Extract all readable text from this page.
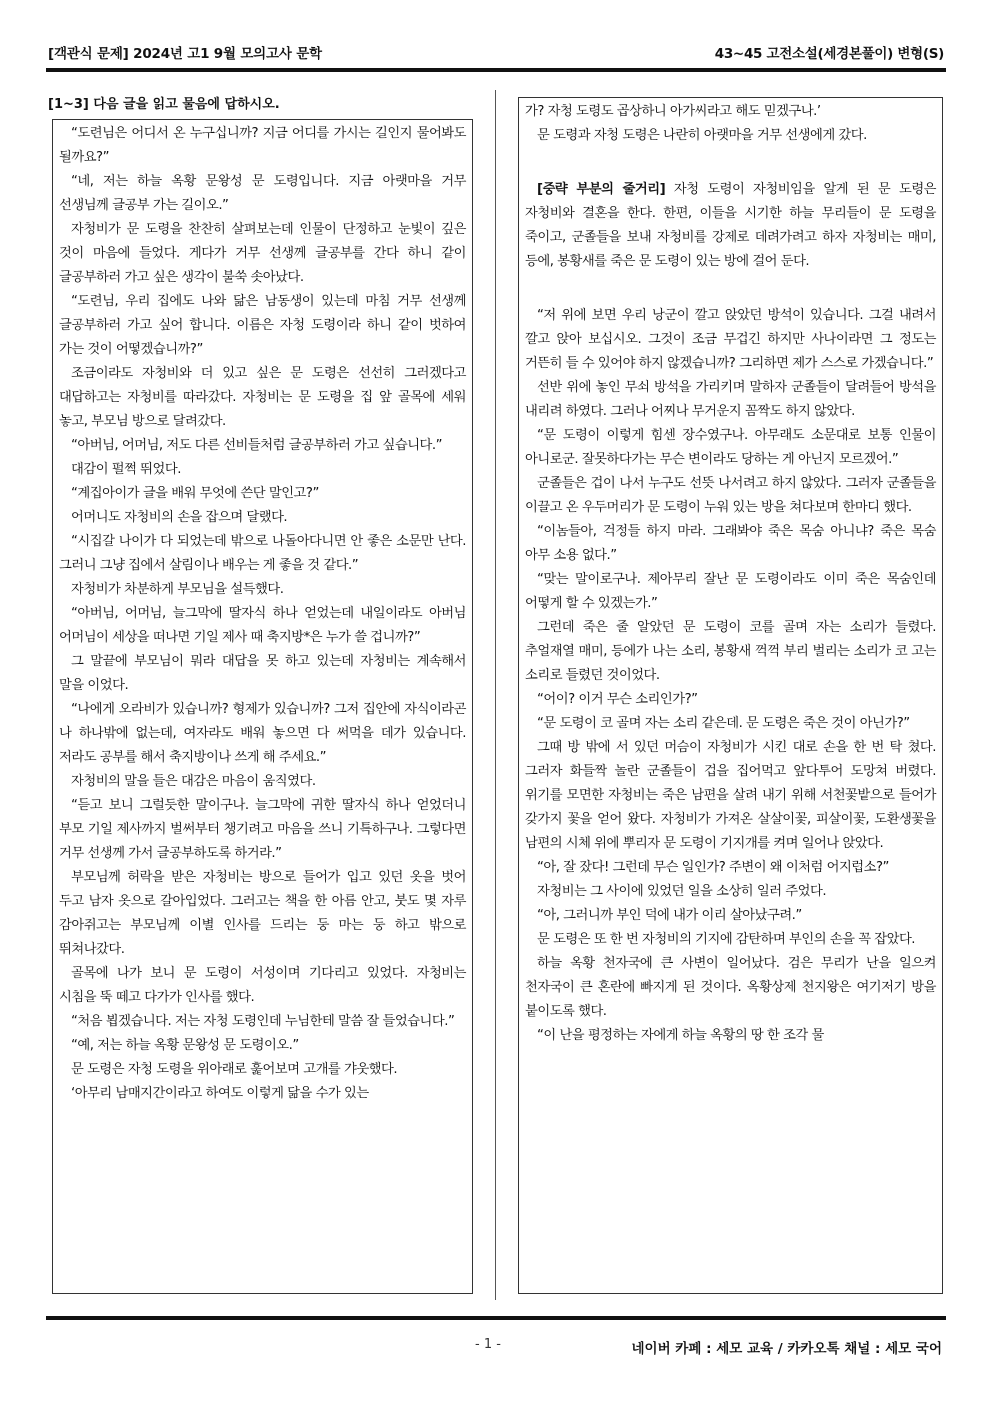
[객관식 문제] 2024년 고1 9월 모의고사 문학	43~45 고전소설(세경본풀이) 변형(S)
[1~3] 다음 글을 읽고 물음에 답하시오.

“도련님은 어디서 온 누구십니까? 지금 어디를 가시는 길인지 물어봐도 될까요?”

“네, 저는 하늘 옥황 문왕성 문 도령입니다. 지금 아랫마을 거무 선생님께 글공부 가는 길이오.”

자청비가 문 도령을 찬찬히 살펴보는데 인물이 단정하고 눈빛이 깊은 것이 마음에 들었다. 게다가 거무 선생께 글공부를 간다 하니 같이 글공부하러 가고 싶은 생각이 불쑥 솟아났다.

“도련님, 우리 집에도 나와 닮은 남동생이 있는데 마침 거무 선생께 글공부하러 가고 싶어 합니다. 이름은 자청 도령이라 하니 같이 벗하여 가는 것이 어떻겠습니까?”

조금이라도 자청비와 더 있고 싶은 문 도령은 선선히 그러겠다고 대답하고는 자청비를 따라갔다. 자청비는 문 도령을 집 앞 골목에 세워 놓고, 부모님 방으로 달려갔다.

“아버님, 어머님, 저도 다른 선비들처럼 글공부하러 가고 싶습니다.”

대감이 펄쩍 뛰었다.

“계집아이가 글을 배워 무엇에 쓴단 말인고?”

어머니도 자청비의 손을 잡으며 달랬다.

“시집갈 나이가 다 되었는데 밖으로 나돌아다니면 안 좋은 소문만 난다. 그러니 그냥 집에서 살림이나 배우는 게 좋을 것 같다.”

자청비가 차분하게 부모님을 설득했다.

“아버님, 어머님, 늘그막에 딸자식 하나 얻었는데 내일이라도 아버님 어머님이 세상을 떠나면 기일 제사 때 축지방*은 누가 쓸 겁니까?”

그 말끝에 부모님이 뭐라 대답을 못 하고 있는데 자청비는 계속해서 말을 이었다.

“나에게 오라비가 있습니까? 형제가 있습니까? 그저 집안에 자식이라곤 나 하나밖에 없는데, 여자라도 배워 놓으면 다 써먹을 데가 있습니다. 저라도 공부를 해서 축지방이나 쓰게 해 주세요.”

자청비의 말을 들은 대감은 마음이 움직였다.

“듣고 보니 그럴듯한 말이구나. 늘그막에 귀한 딸자식 하나 얻었더니 부모 기일 제사까지 벌써부터 챙기려고 마음을 쓰니 기특하구나. 그렇다면 거무 선생께 가서 글공부하도록 하거라.”

부모님께 허락을 받은 자청비는 방으로 들어가 입고 있던 옷을 벗어 두고 남자 옷으로 갈아입었다. 그러고는 책을 한 아름 안고, 붓도 몇 자루 감아쥐고는 부모님께 이별 인사를 드리는 둥 마는 둥 하고 밖으로 뛰쳐나갔다.

골목에 나가 보니 문 도령이 서성이며 기다리고 있었다. 자청비는 시침을 뚝 떼고 다가가 인사를 했다.

“처음 뵙겠습니다. 저는 자청 도령인데 누님한테 말씀 잘 들었습니다.”

“예, 저는 하늘 옥황 문왕성 문 도령이오.”

문 도령은 자청 도령을 위아래로 훑어보며 고개를 갸웃했다.

‘아무리 남매지간이라고 하여도 이렇게 닮을 수가 있는

가? 자청 도령도 곱상하니 아가씨라고 해도 믿겠구나.’

문 도령과 자청 도령은 나란히 아랫마을 거무 선생에게 갔다.

[중략 부분의 줄거리] 자청 도령이 자청비임을 알게 된 문 도령은 자청비와 결혼을 한다. 한편, 이들을 시기한 하늘 무리들이 문 도령을 죽이고, 군졸들을 보내 자청비를 강제로 데려가려고 하자 자청비는 매미, 등에, 봉황새를 죽은 문 도령이 있는 방에 걸어 둔다.

“저 위에 보면 우리 낭군이 깔고 앉았던 방석이 있습니다. 그걸 내려서 깔고 앉아 보십시오. 그것이 조금 무겁긴 하지만 사나이라면 그 정도는 거뜬히 들 수 있어야 하지 않겠습니까? 그리하면 제가 스스로 가겠습니다.”

선반 위에 놓인 무쇠 방석을 가리키며 말하자 군졸들이 달려들어 방석을 내리려 하였다. 그러나 어찌나 무거운지 꼼짝도 하지 않았다.

“문 도령이 이렇게 힘센 장수였구나. 아무래도 소문대로 보통 인물이 아니로군. 잘못하다가는 무슨 변이라도 당하는 게 아닌지 모르겠어.”

군졸들은 겁이 나서 누구도 선뜻 나서려고 하지 않았다. 그러자 군졸들을 이끌고 온 우두머리가 문 도령이 누워 있는 방을 쳐다보며 한마디 했다.

“이놈들아, 걱정들 하지 마라. 그래봐야 죽은 목숨 아니냐? 죽은 목숨 아무 소용 없다.”

“맞는 말이로구나. 제아무리 잘난 문 도령이라도 이미 죽은 목숨인데 어떻게 할 수 있겠는가.”

그런데 죽은 줄 알았던 문 도령이 코를 골며 자는 소리가 들렸다. 추얼재열 매미, 등에가 나는 소리, 봉황새 꺽꺽 부리 벌리는 소리가 코 고는 소리로 들렸던 것이었다.

“어이? 이거 무슨 소리인가?”

“문 도령이 코 골며 자는 소리 같은데. 문 도령은 죽은 것이 아닌가?”

그때 방 밖에 서 있던 머슴이 자청비가 시킨 대로 손을 한 번 탁 쳤다. 그러자 화들짝 놀란 군졸들이 겁을 집어먹고 앞다투어 도망쳐 버렸다. 위기를 모면한 자청비는 죽은 남편을 살려 내기 위해 서천꽃밭으로 들어가 갖가지 꽃을 얻어 왔다. 자청비가 가져온 살살이꽃, 피살이꽃, 도환생꽃을 남편의 시체 위에 뿌리자 문 도령이 기지개를 켜며 일어나 앉았다.

“아, 잘 잤다! 그런데 무슨 일인가? 주변이 왜 이처럼 어지럽소?”

자청비는 그 사이에 있었던 일을 소상히 일러 주었다.

“아, 그러니까 부인 덕에 내가 이리 살아났구려.”

문 도령은 또 한 번 자청비의 기지에 감탄하며 부인의 손을 꼭 잡았다.

하늘 옥황 천자국에 큰 사변이 일어났다. 검은 무리가 난을 일으켜 천자국이 큰 혼란에 빠지게 된 것이다. 옥황상제 천지왕은 여기저기 방을 붙이도록 했다.

“이 난을 평정하는 자에게 하늘 옥황의 땅 한 조각 물

- 1 -	네이버 카페 : 세모 교육 / 카카오톡 채널 : 세모 국어
